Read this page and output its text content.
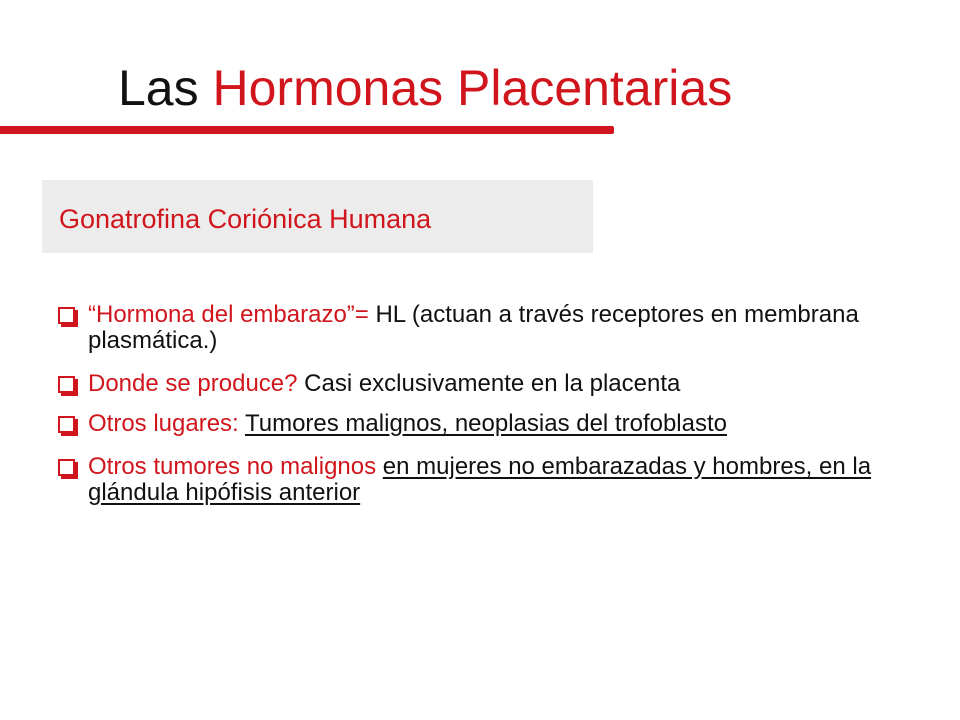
Las Hormonas Placentarias
Gonatrofina Coriónica Humana
“Hormona del embarazo”= HL (actuan a través receptores en membrana plasmática.)
Donde se produce? Casi exclusivamente en la placenta
Otros lugares: Tumores malignos, neoplasias del trofoblasto
Otros tumores no malignos en mujeres no embarazadas y hombres, en la glándula hipófisis anterior
